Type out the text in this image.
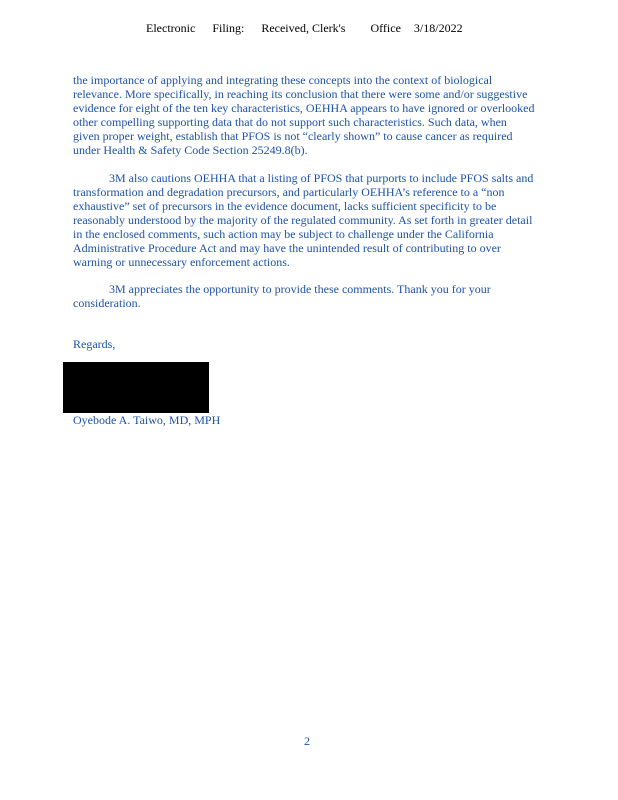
Electronic Filing: Received, Clerk's Office 3/18/2022
the importance of applying and integrating these concepts into the context of biological
relevance. More specifically, in reaching its conclusion that there were some and/or suggestive
evidence for eight of the ten key characteristics, OEHHA appears to have ignored or overlooked
other compelling supporting data that do not support such characteristics. Such data, when
given proper weight, establish that PFOS is not “clearly shown” to cause cancer as required
under Health & Safety Code Section 25249.8(b).
3M also cautions OEHHA that a listing of PFOS that purports to include PFOS salts and
transformation and degradation precursors, and particularly OEHHA’s reference to a “non
exhaustive” set of precursors in the evidence document, lacks sufficient specificity to be
reasonably understood by the majority of the regulated community. As set forth in greater detail
in the enclosed comments, such action may be subject to challenge under the California
Administrative Procedure Act and may have the unintended result of contributing to over
warning or unnecessary enforcement actions.
3M appreciates the opportunity to provide these comments. Thank you for your
consideration.
Regards,
Oyebode A. Taiwo, MD, MPH
2
